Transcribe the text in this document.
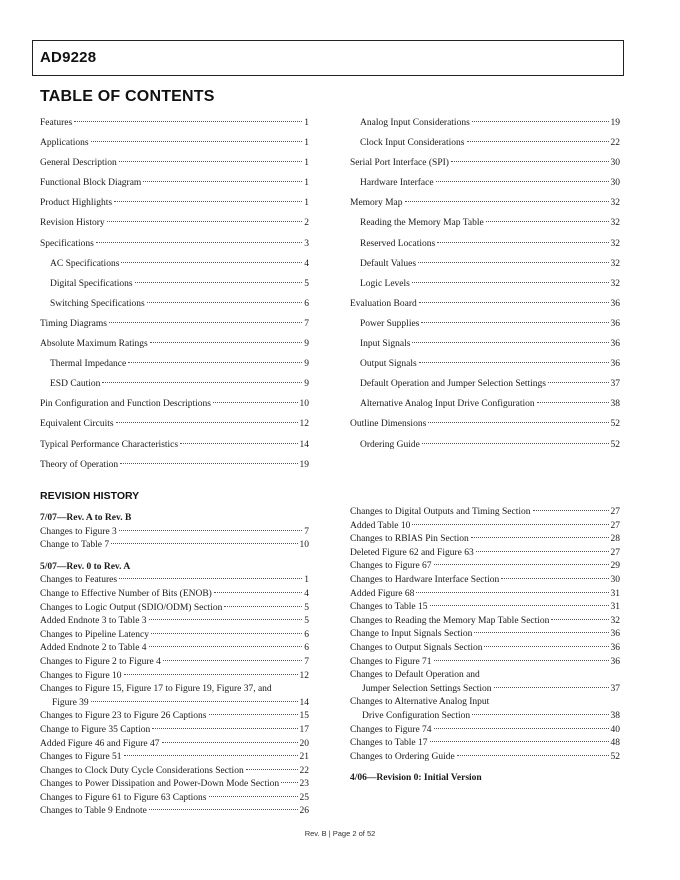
AD9228
TABLE OF CONTENTS
Features	1
Applications	1
General Description	1
Functional Block Diagram	1
Product Highlights	1
Revision History	2
Specifications	3
AC Specifications	4
Digital Specifications	5
Switching Specifications	6
Timing Diagrams	7
Absolute Maximum Ratings	9
Thermal Impedance	9
ESD Caution	9
Pin Configuration and Function Descriptions	10
Equivalent Circuits	12
Typical Performance Characteristics	14
Theory of Operation	19
Analog Input Considerations	19
Clock Input Considerations	22
Serial Port Interface (SPI)	30
Hardware Interface	30
Memory Map	32
Reading the Memory Map Table	32
Reserved Locations	32
Default Values	32
Logic Levels	32
Evaluation Board	36
Power Supplies	36
Input Signals	36
Output Signals	36
Default Operation and Jumper Selection Settings	37
Alternative Analog Input Drive Configuration	38
Outline Dimensions	52
Ordering Guide	52
REVISION HISTORY
7/07—Rev. A to Rev. B
Changes to Figure 3	7
Change to Table 7	10
5/07—Rev. 0 to Rev. A
Changes to Features	1
Change to Effective Number of Bits (ENOB)	4
Changes to Logic Output (SDIO/ODM) Section	5
Added Endnote 3 to Table 3	5
Changes to Pipeline Latency	6
Added Endnote 2 to Table 4	6
Changes to Figure 2 to Figure 4	7
Changes to Figure 10	12
Changes to Figure 15, Figure 17 to Figure 19, Figure 37, and
Figure 39	14
Changes to Figure 23 to Figure 26 Captions	15
Change to Figure 35 Caption	17
Added Figure 46 and Figure 47	20
Changes to Figure 51	21
Changes to Clock Duty Cycle Considerations Section	22
Changes to Power Dissipation and Power-Down Mode Section 23
Changes to Figure 61 to Figure 63 Captions	25
Changes to Table 9 Endnote	26
Changes to Digital Outputs and Timing Section	27
Added Table 10	27
Changes to RBIAS Pin Section	28
Deleted Figure 62 and Figure 63	27
Changes to Figure 67	29
Changes to Hardware Interface Section	30
Added Figure 68	31
Changes to Table 15	31
Changes to Reading the Memory Map Table Section	32
Change to Input Signals Section	36
Changes to Output Signals Section	36
Changes to Figure 71	36
Changes to Default Operation and
Jumper Selection Settings Section	37
Changes to Alternative Analog Input
Drive Configuration Section	38
Changes to Figure 74	40
Changes to Table 17	48
Changes to Ordering Guide	52
4/06—Revision 0: Initial Version
Rev. B | Page 2 of 52
